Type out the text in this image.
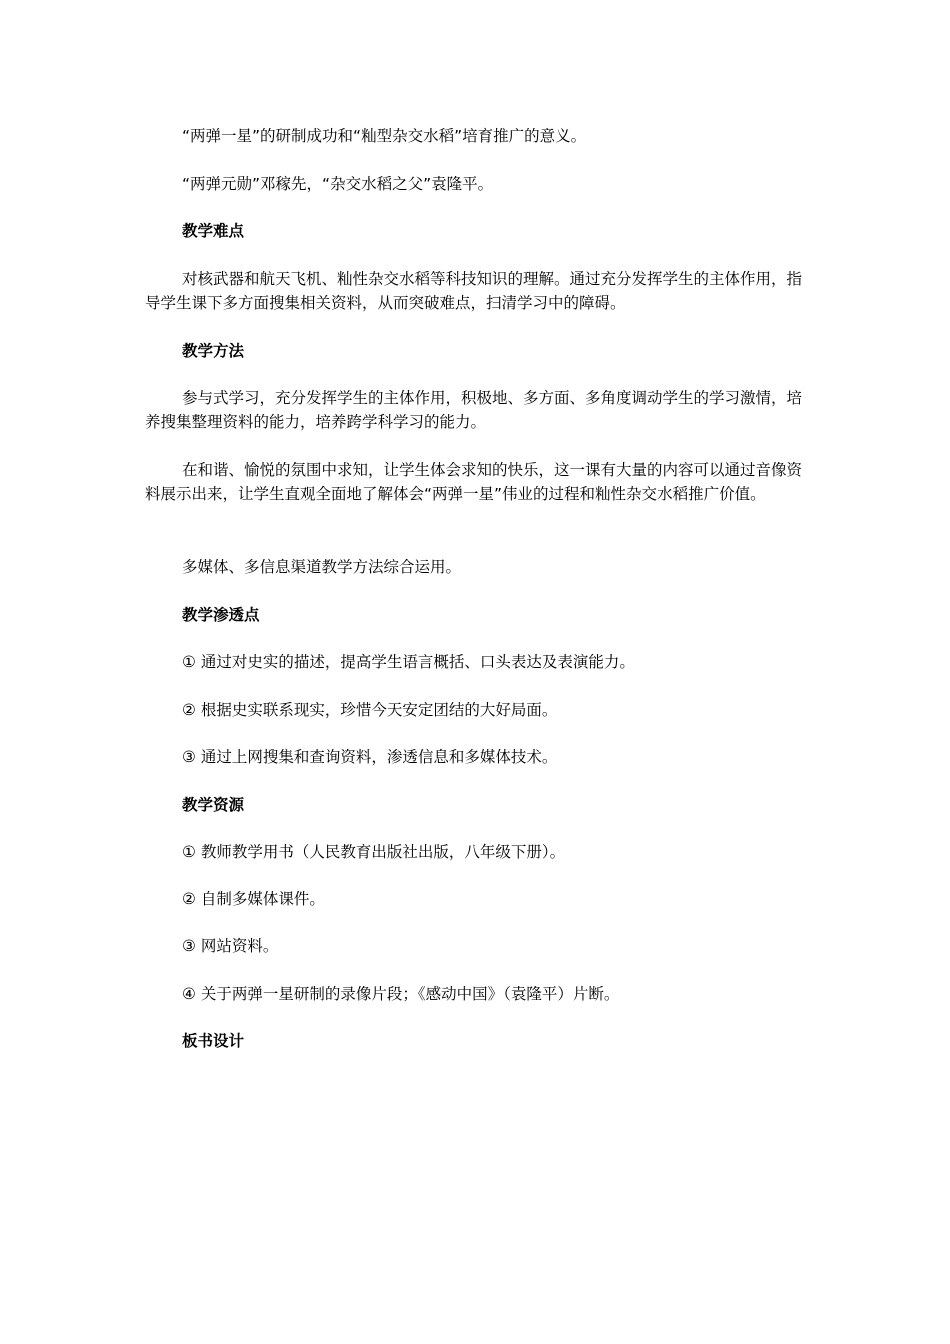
“两弹一星”的研制成功和“籼型杂交水稻”培育推广的意义。
“两弹元勋”邓稼先，“杂交水稻之父”袁隆平。
教学难点
对核武器和航天飞机、籼性杂交水稻等科技知识的理解。通过充分发挥学生的主体作用，指导学生课下多方面搜集相关资料，从而突破难点，扫清学习中的障碍。
教学方法
参与式学习，充分发挥学生的主体作用，积极地、多方面、多角度调动学生的学习激情，培养搜集整理资料的能力，培养跨学科学习的能力。
在和谐、愉悦的氛围中求知，让学生体会求知的快乐，这一课有大量的内容可以通过音像资料展示出来，让学生直观全面地了解体会“两弹一星”伟业的过程和籼性杂交水稻推广价值。
多媒体、多信息渠道教学方法综合运用。
教学渗透点
① 通过对史实的描述，提高学生语言概括、口头表达及表演能力。
② 根据史实联系现实，珍惜今天安定团结的大好局面。
③ 通过上网搜集和查询资料，渗透信息和多媒体技术。
教学资源
① 教师教学用书（人民教育出版社出版，八年级下册）。
② 自制多媒体课件。
③ 网站资料。
④ 关于两弹一星研制的录像片段；《感动中国》（袁隆平）片断。
板书设计
